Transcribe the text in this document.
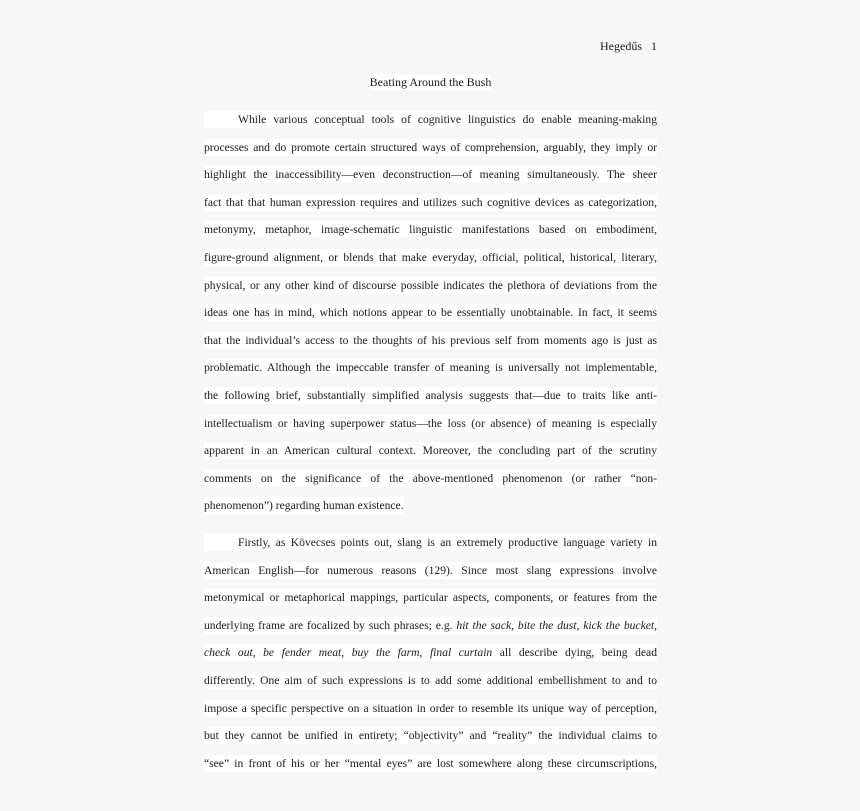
Hegedűs 1
Beating Around the Bush
While various conceptual tools of cognitive linguistics do enable meaning-making
processes and do promote certain structured ways of comprehension, arguably, they imply or
highlight the inaccessibility—even deconstruction—of meaning simultaneously. The sheer
fact that that human expression requires and utilizes such cognitive devices as categorization,
metonymy, metaphor, image-schematic linguistic manifestations based on embodiment,
figure-ground alignment, or blends that make everyday, official, political, historical, literary,
physical, or any other kind of discourse possible indicates the plethora of deviations from the
ideas one has in mind, which notions appear to be essentially unobtainable. In fact, it seems
that the individual’s access to the thoughts of his previous self from moments ago is just as
problematic. Although the impeccable transfer of meaning is universally not implementable,
the following brief, substantially simplified analysis suggests that—due to traits like anti-
intellectualism or having superpower status—the loss (or absence) of meaning is especially
apparent in an American cultural context. Moreover, the concluding part of the scrutiny
comments on the significance of the above-mentioned phenomenon (or rather “non-
phenomenon”) regarding human existence.
Firstly, as Kövecses points out, slang is an extremely productive language variety in
American English—for numerous reasons (129). Since most slang expressions involve
metonymical or metaphorical mappings, particular aspects, components, or features from the
underlying frame are focalized by such phrases; e.g. hit the sack, bite the dust, kick the bucket,
check out, be fender meat, buy the farm, final curtain all describe dying, being dead
differently. One aim of such expressions is to add some additional embellishment to and to
impose a specific perspective on a situation in order to resemble its unique way of perception,
but they cannot be unified in entirety; “objectivity” and “reality” the individual claims to
“see” in front of his or her “mental eyes” are lost somewhere along these circumscriptions,
